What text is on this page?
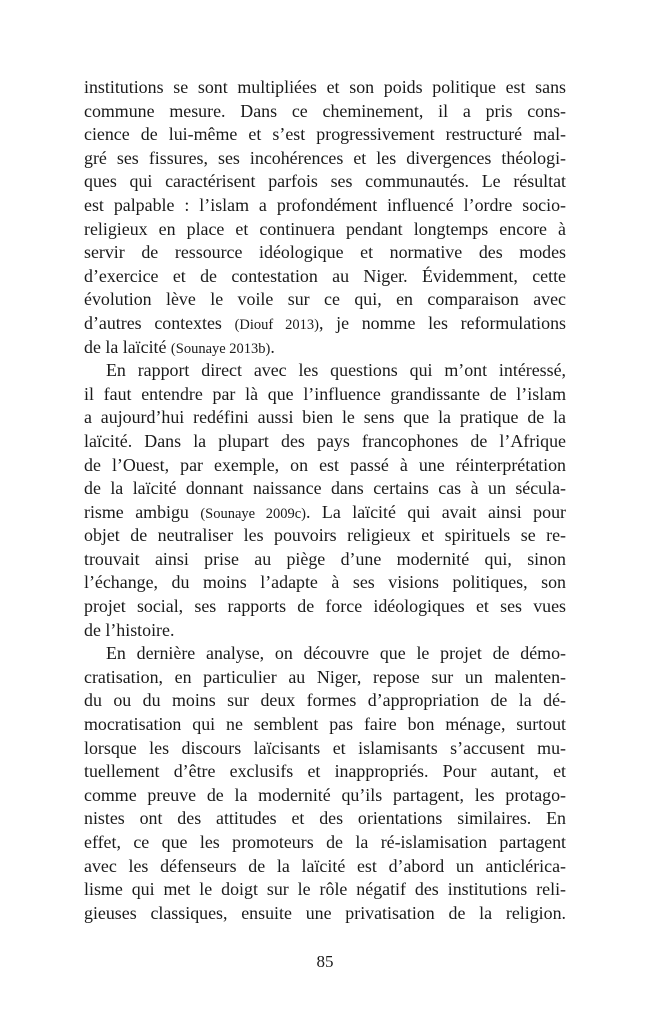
institutions se sont multipliées et son poids politique est sans
commune mesure. Dans ce cheminement, il a pris cons-
cience de lui-même et s’est progressivement restructuré mal-
gré ses fissures, ses incohérences et les divergences théologi-
ques qui caractérisent parfois ses communautés. Le résultat
est palpable : l’islam a profondément influencé l’ordre socio-
religieux en place et continuera pendant longtemps encore à
servir de ressource idéologique et normative des modes
d’exercice et de contestation au Niger. Évidemment, cette
évolution lève le voile sur ce qui, en comparaison avec
d’autres contextes (Diouf 2013), je nomme les reformulations
de la laïcité (Sounaye 2013b).
En rapport direct avec les questions qui m’ont intéressé,
il faut entendre par là que l’influence grandissante de l’islam
a aujourd’hui redéfini aussi bien le sens que la pratique de la
laïcité. Dans la plupart des pays francophones de l’Afrique
de l’Ouest, par exemple, on est passé à une réinterprétation
de la laïcité donnant naissance dans certains cas à un sécula-
risme ambigu (Sounaye 2009c). La laïcité qui avait ainsi pour
objet de neutraliser les pouvoirs religieux et spirituels se re-
trouvait ainsi prise au piège d’une modernité qui, sinon
l’échange, du moins l’adapte à ses visions politiques, son
projet social, ses rapports de force idéologiques et ses vues
de l’histoire.
En dernière analyse, on découvre que le projet de démo-
cratisation, en particulier au Niger, repose sur un malenten-
du ou du moins sur deux formes d’appropriation de la dé-
mocratisation qui ne semblent pas faire bon ménage, surtout
lorsque les discours laïcisants et islamisants s’accusent mu-
tuellement d’être exclusifs et inappropriés. Pour autant, et
comme preuve de la modernité qu’ils partagent, les protago-
nistes ont des attitudes et des orientations similaires. En
effet, ce que les promoteurs de la ré-islamisation partagent
avec les défenseurs de la laïcité est d’abord un anticlérica-
lisme qui met le doigt sur le rôle négatif des institutions reli-
gieuses classiques, ensuite une privatisation de la religion.
85
